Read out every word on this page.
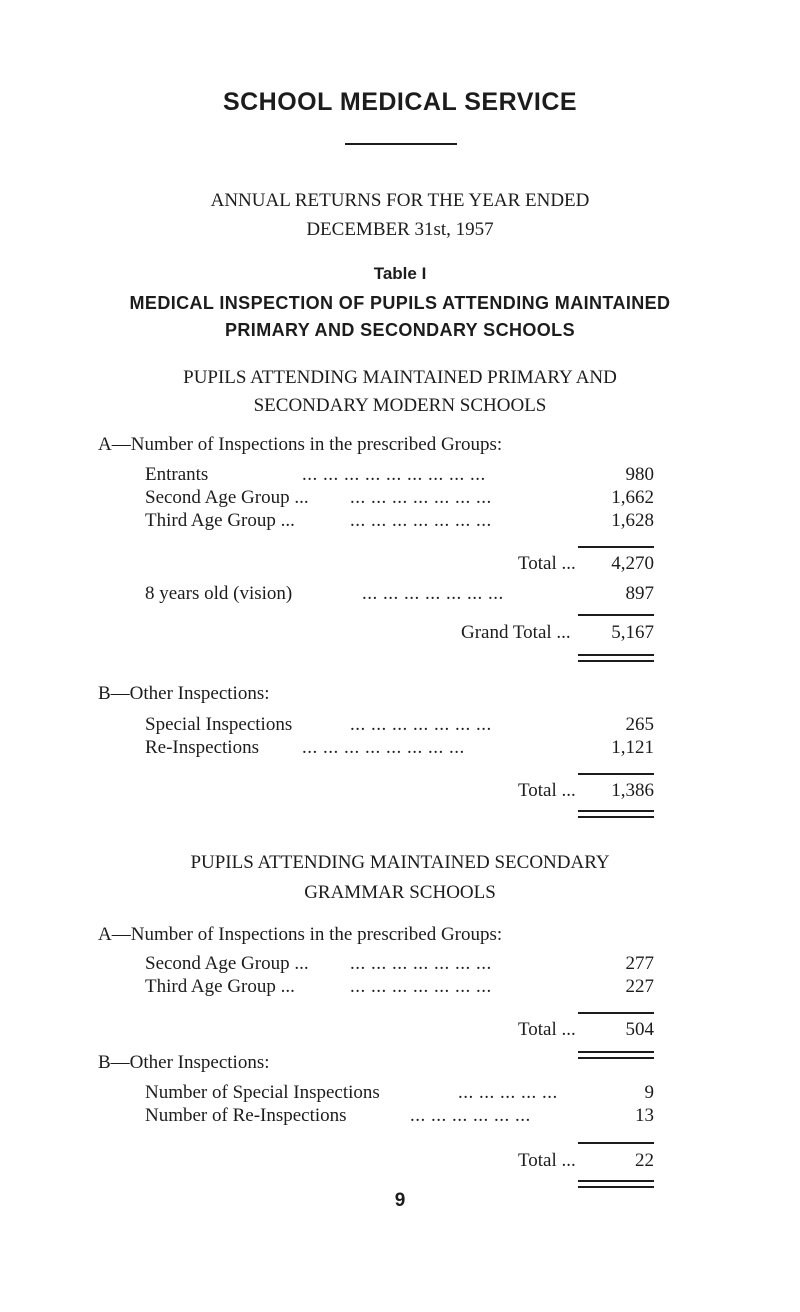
SCHOOL MEDICAL SERVICE
ANNUAL RETURNS FOR THE YEAR ENDED
DECEMBER 31st, 1957
Table I
MEDICAL INSPECTION OF PUPILS ATTENDING MAINTAINED
PRIMARY AND SECONDARY SCHOOLS
PUPILS ATTENDING MAINTAINED PRIMARY AND
SECONDARY MODERN SCHOOLS
A—Number of Inspections in the prescribed Groups:
Entrants	... ... ... ... ... ... ... ... ...	980
Second Age Group ... ... ... ... ... ... ... ...	1,662
Third Age Group ...	... ... ... ... ... ... ...	1,628
Total ... 4,270
8 years old (vision)	... ... ... ... ... ... ...	897
Grand Total ... 5,167
B—Other Inspections:
Special Inspections	... ... ... ... ... ... ...	265
Re-Inspections ... ... ... ... ... ... ... ...	1,121
Total ... 1,386
PUPILS ATTENDING MAINTAINED SECONDARY
GRAMMAR SCHOOLS
A—Number of Inspections in the prescribed Groups:
Second Age Group ... ... ... ... ... ... ... ...	277
Third Age Group ...	... ... ... ... ... ... ...	227
Total ...	504
B—Other Inspections:
Number of Special Inspections	... ... ... ... ...	9
Number of Re-Inspections	... ... ... ... ... ...	13
Total ...	22
9
